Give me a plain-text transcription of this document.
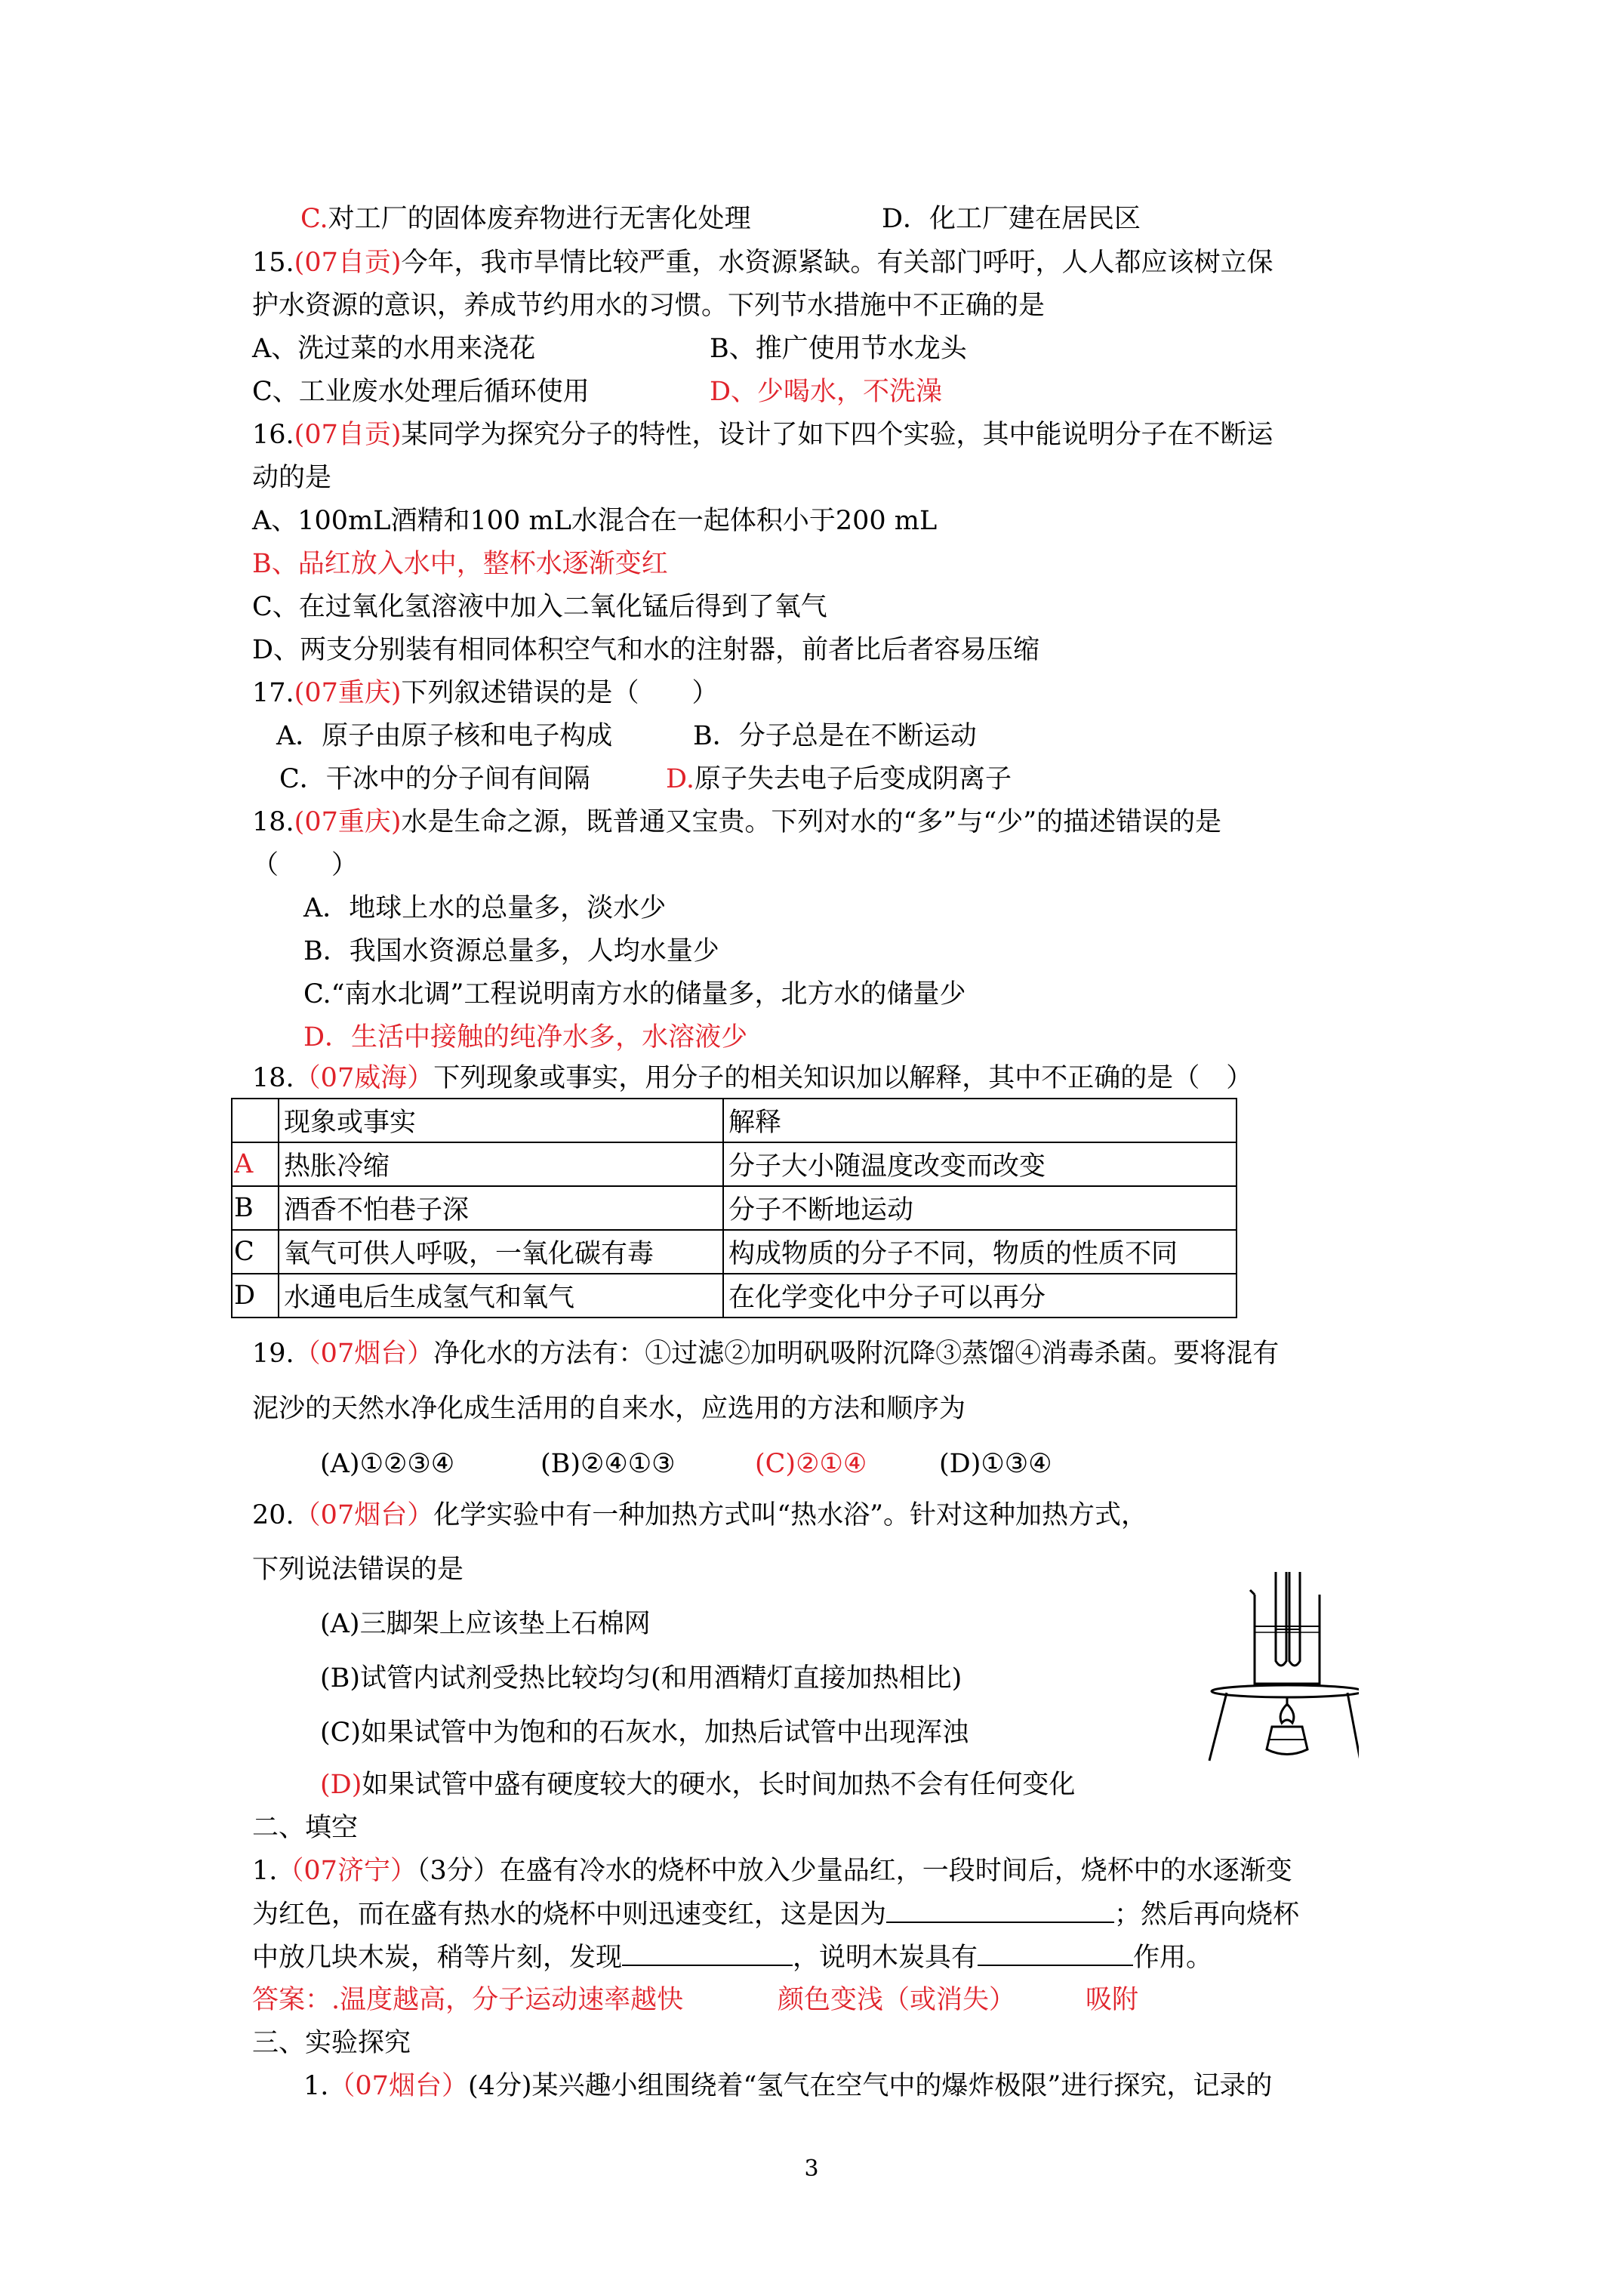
C.对工厂的固体废弃物进行无害化处理	D．化工厂建在居民区
15.(07自贡)今年，我市旱情比较严重，水资源紧缺。有关部门呼吁，人人都应该树立保
护水资源的意识，养成节约用水的习惯。下列节水措施中不正确的是
A、洗过菜的水用来浇花	B、推广使用节水龙头
C、工业废水处理后循环使用	D、少喝水，不洗澡
16.(07自贡)某同学为探究分子的特性，设计了如下四个实验，其中能说明分子在不断运
动的是
A、100mL酒精和100 mL水混合在一起体积小于200 mL
B、品红放入水中，整杯水逐渐变红
C、在过氧化氢溶液中加入二氧化锰后得到了氧气
D、两支分别装有相同体积空气和水的注射器，前者比后者容易压缩
17.(07重庆)下列叙述错误的是（　　）
A．原子由原子核和电子构成	B．分子总是在不断运动
C．干冰中的分子间有间隔	D.原子失去电子后变成阴离子
18.(07重庆)水是生命之源，既普通又宝贵。下列对水的“多”与“少”的描述错误的是
（　　）
A．地球上水的总量多，淡水少
B．我国水资源总量多，人均水量少
C.“南水北调”工程说明南方水的储量多，北方水的储量少
D．生活中接触的纯净水多，水溶液少
18.（07威海）下列现象或事实，用分子的相关知识加以解释，其中不正确的是（　）
	现象或事实	解释
A	热胀冷缩	分子大小随温度改变而改变
B	酒香不怕巷子深	分子不断地运动
C	氧气可供人呼吸，一氧化碳有毒	构成物质的分子不同，物质的性质不同
D	水通电后生成氢气和氧气	在化学变化中分子可以再分
19.（07烟台）净化水的方法有：①过滤②加明矾吸附沉降③蒸馏④消毒杀菌。要将混有
泥沙的天然水净化成生活用的自来水，应选用的方法和顺序为
(A)①②③④	(B)②④①③	(C)②①④	(D)①③④
20.（07烟台）化学实验中有一种加热方式叫“热水浴”。针对这种加热方式，
下列说法错误的是
(A)三脚架上应该垫上石棉网
(B)试管内试剂受热比较均匀(和用酒精灯直接加热相比)
(C)如果试管中为饱和的石灰水，加热后试管中出现浑浊
(D)如果试管中盛有硬度较大的硬水，长时间加热不会有任何变化
二、填空
1.（07济宁）（3分）在盛有冷水的烧杯中放入少量品红，一段时间后，烧杯中的水逐渐变
为红色，而在盛有热水的烧杯中则迅速变红，这是因为	；然后再向烧杯
中放几块木炭，稍等片刻，发现	，说明木炭具有	作用。
答案：.温度越高，分子运动速率越快	颜色变浅（或消失）	吸附
三、实验探究
1.（07烟台）(4分)某兴趣小组围绕着“氢气在空气中的爆炸极限”进行探究，记录的
3
